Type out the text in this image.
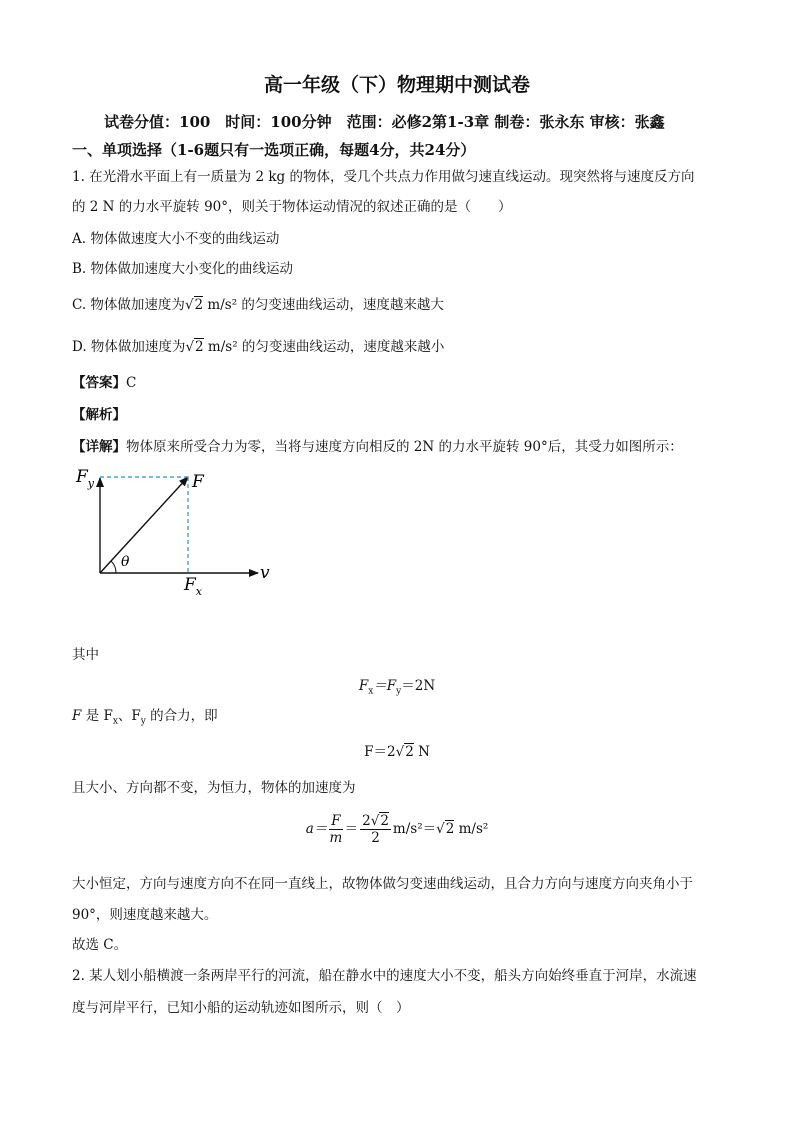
高一年级（下）物理期中测试卷
试卷分值：100　时间：100分钟　范围：必修2第1-3章 制卷：张永东 审核：张鑫
一、单项选择（1-6题只有一选项正确，每题4分，共24分）
1. 在光滑水平面上有一质量为 2 kg 的物体，受几个共点力作用做匀速直线运动。现突然将与速度反方向
的 2 N 的力水平旋转 90°，则关于物体运动情况的叙述正确的是（　　）
A. 物体做速度大小不变的曲线运动
B. 物体做加速度大小变化的曲线运动
C. 物体做加速度为√2 m/s² 的匀变速曲线运动，速度越来越大
D. 物体做加速度为√2 m/s² 的匀变速曲线运动，速度越来越小
【答案】C
【解析】
【详解】物体原来所受合力为零，当将与速度方向相反的 2N 的力水平旋转 90°后，其受力如图所示：
$F_y$	F
θ
$F_x$
v
其中
$F_x=F_y=2N$
F 是 $F_x$、$F_y$ 的合力，即
F＝2√2 N
且大小、方向都不变，为恒力，物体的加速度为
$a= \frac{F}{m} = \frac{2√2}{2} m/s^2=√2$ m/s²
大小恒定，方向与速度方向不在同一直线上，故物体做匀变速曲线运动，且合力方向与速度方向夹角小于
90°，则速度越来越大。
故选 C。
2. 某人划小船横渡一条两岸平行的河流，船在静水中的速度大小不变，船头方向始终垂直于河岸，水流速
度与河岸平行，已知小船的运动轨迹如图所示，则（　）
